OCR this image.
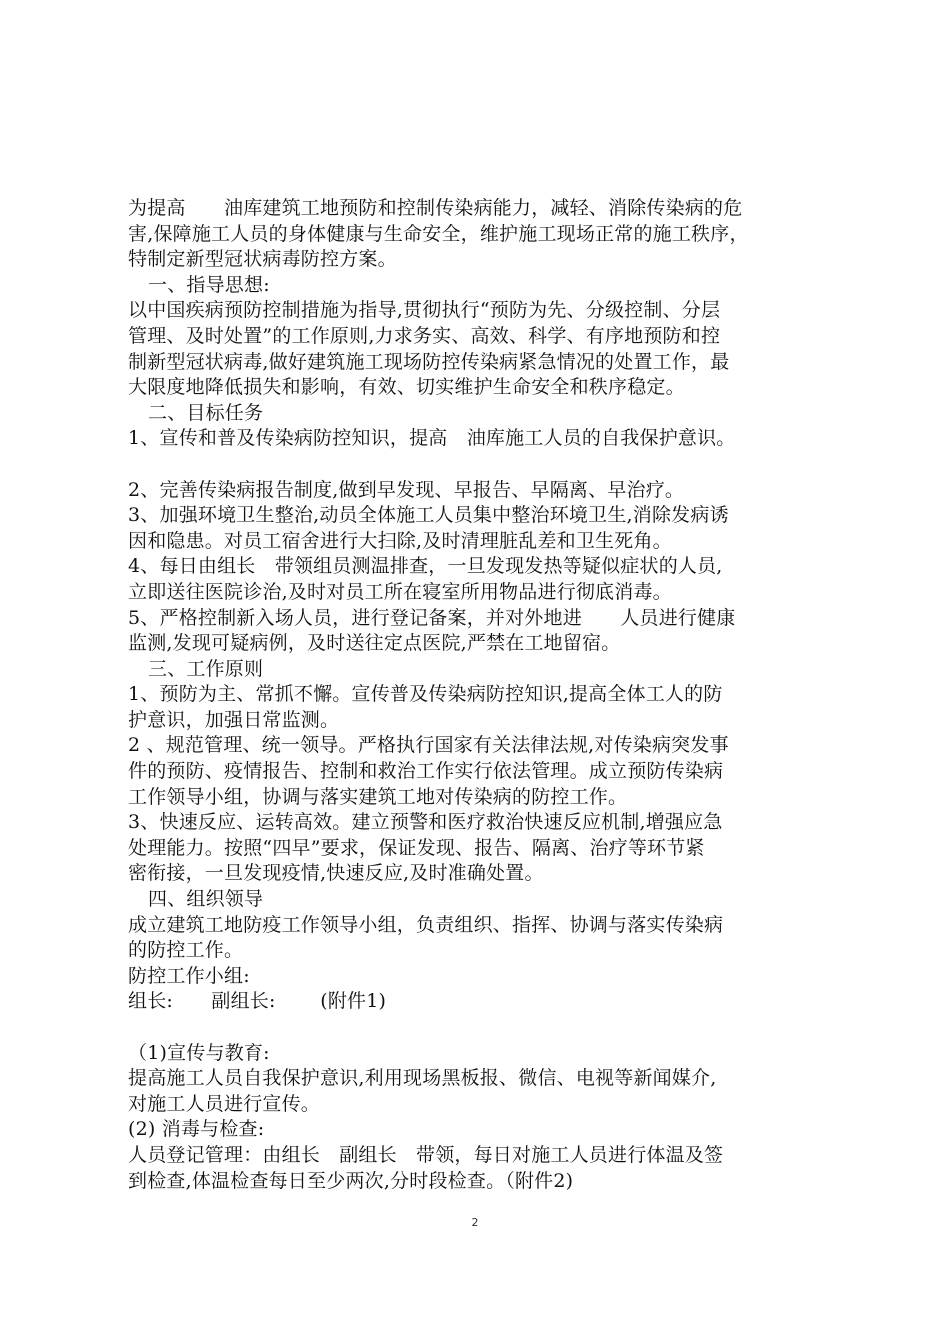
为提高　　油库建筑工地预防和控制传染病能力，减轻、消除传染病的危
害,保障施工人员的身体健康与生命安全，维护施工现场正常的施工秩序，
特制定新型冠状病毒防控方案。
一、指导思想:
以中国疾病预防控制措施为指导,贯彻执行“预防为先、分级控制、分层
管理、及时处置”的工作原则,力求务实、高效、科学、有序地预防和控
制新型冠状病毒,做好建筑施工现场防控传染病紧急情况的处置工作，最
大限度地降低损失和影响，有效、切实维护生命安全和秩序稳定。
二、目标任务
1、宣传和普及传染病防控知识，提高　油库施工人员的自我保护意识。
2、完善传染病报告制度,做到早发现、早报告、早隔离、早治疗。
3、加强环境卫生整治,动员全体施工人员集中整治环境卫生,消除发病诱
因和隐患。对员工宿舍进行大扫除,及时清理脏乱差和卫生死角。
4、每日由组长　带领组员测温排查，一旦发现发热等疑似症状的人员,
立即送往医院诊治,及时对员工所在寝室所用物品进行彻底消毒。
5、严格控制新入场人员，进行登记备案，并对外地进　　人员进行健康
监测,发现可疑病例，及时送往定点医院,严禁在工地留宿。
三、工作原则
1、预防为主、常抓不懈。宣传普及传染病防控知识,提高全体工人的防
护意识，加强日常监测。
2 、规范管理、统一领导。严格执行国家有关法律法规,对传染病突发事
件的预防、疫情报告、控制和救治工作实行依法管理。成立预防传染病
工作领导小组，协调与落实建筑工地对传染病的防控工作。
3、快速反应、运转高效。建立预警和医疗救治快速反应机制,增强应急
处理能力。按照“四早”要求，保证发现、报告、隔离、治疗等环节紧
密衔接，一旦发现疫情,快速反应,及时准确处置。
四、组织领导
成立建筑工地防疫工作领导小组，负责组织、指挥、协调与落实传染病
的防控工作。
防控工作小组:
组长:　　副组长:　　 (附件1)
（1)宣传与教育:
提高施工人员自我保护意识,利用现场黑板报、微信、电视等新闻媒介,
对施工人员进行宣传。
(2) 消毒与检查:
人员登记管理：由组长　副组长　带领，每日对施工人员进行体温及签
到检查,体温检查每日至少两次,分时段检查。（附件2)
2
